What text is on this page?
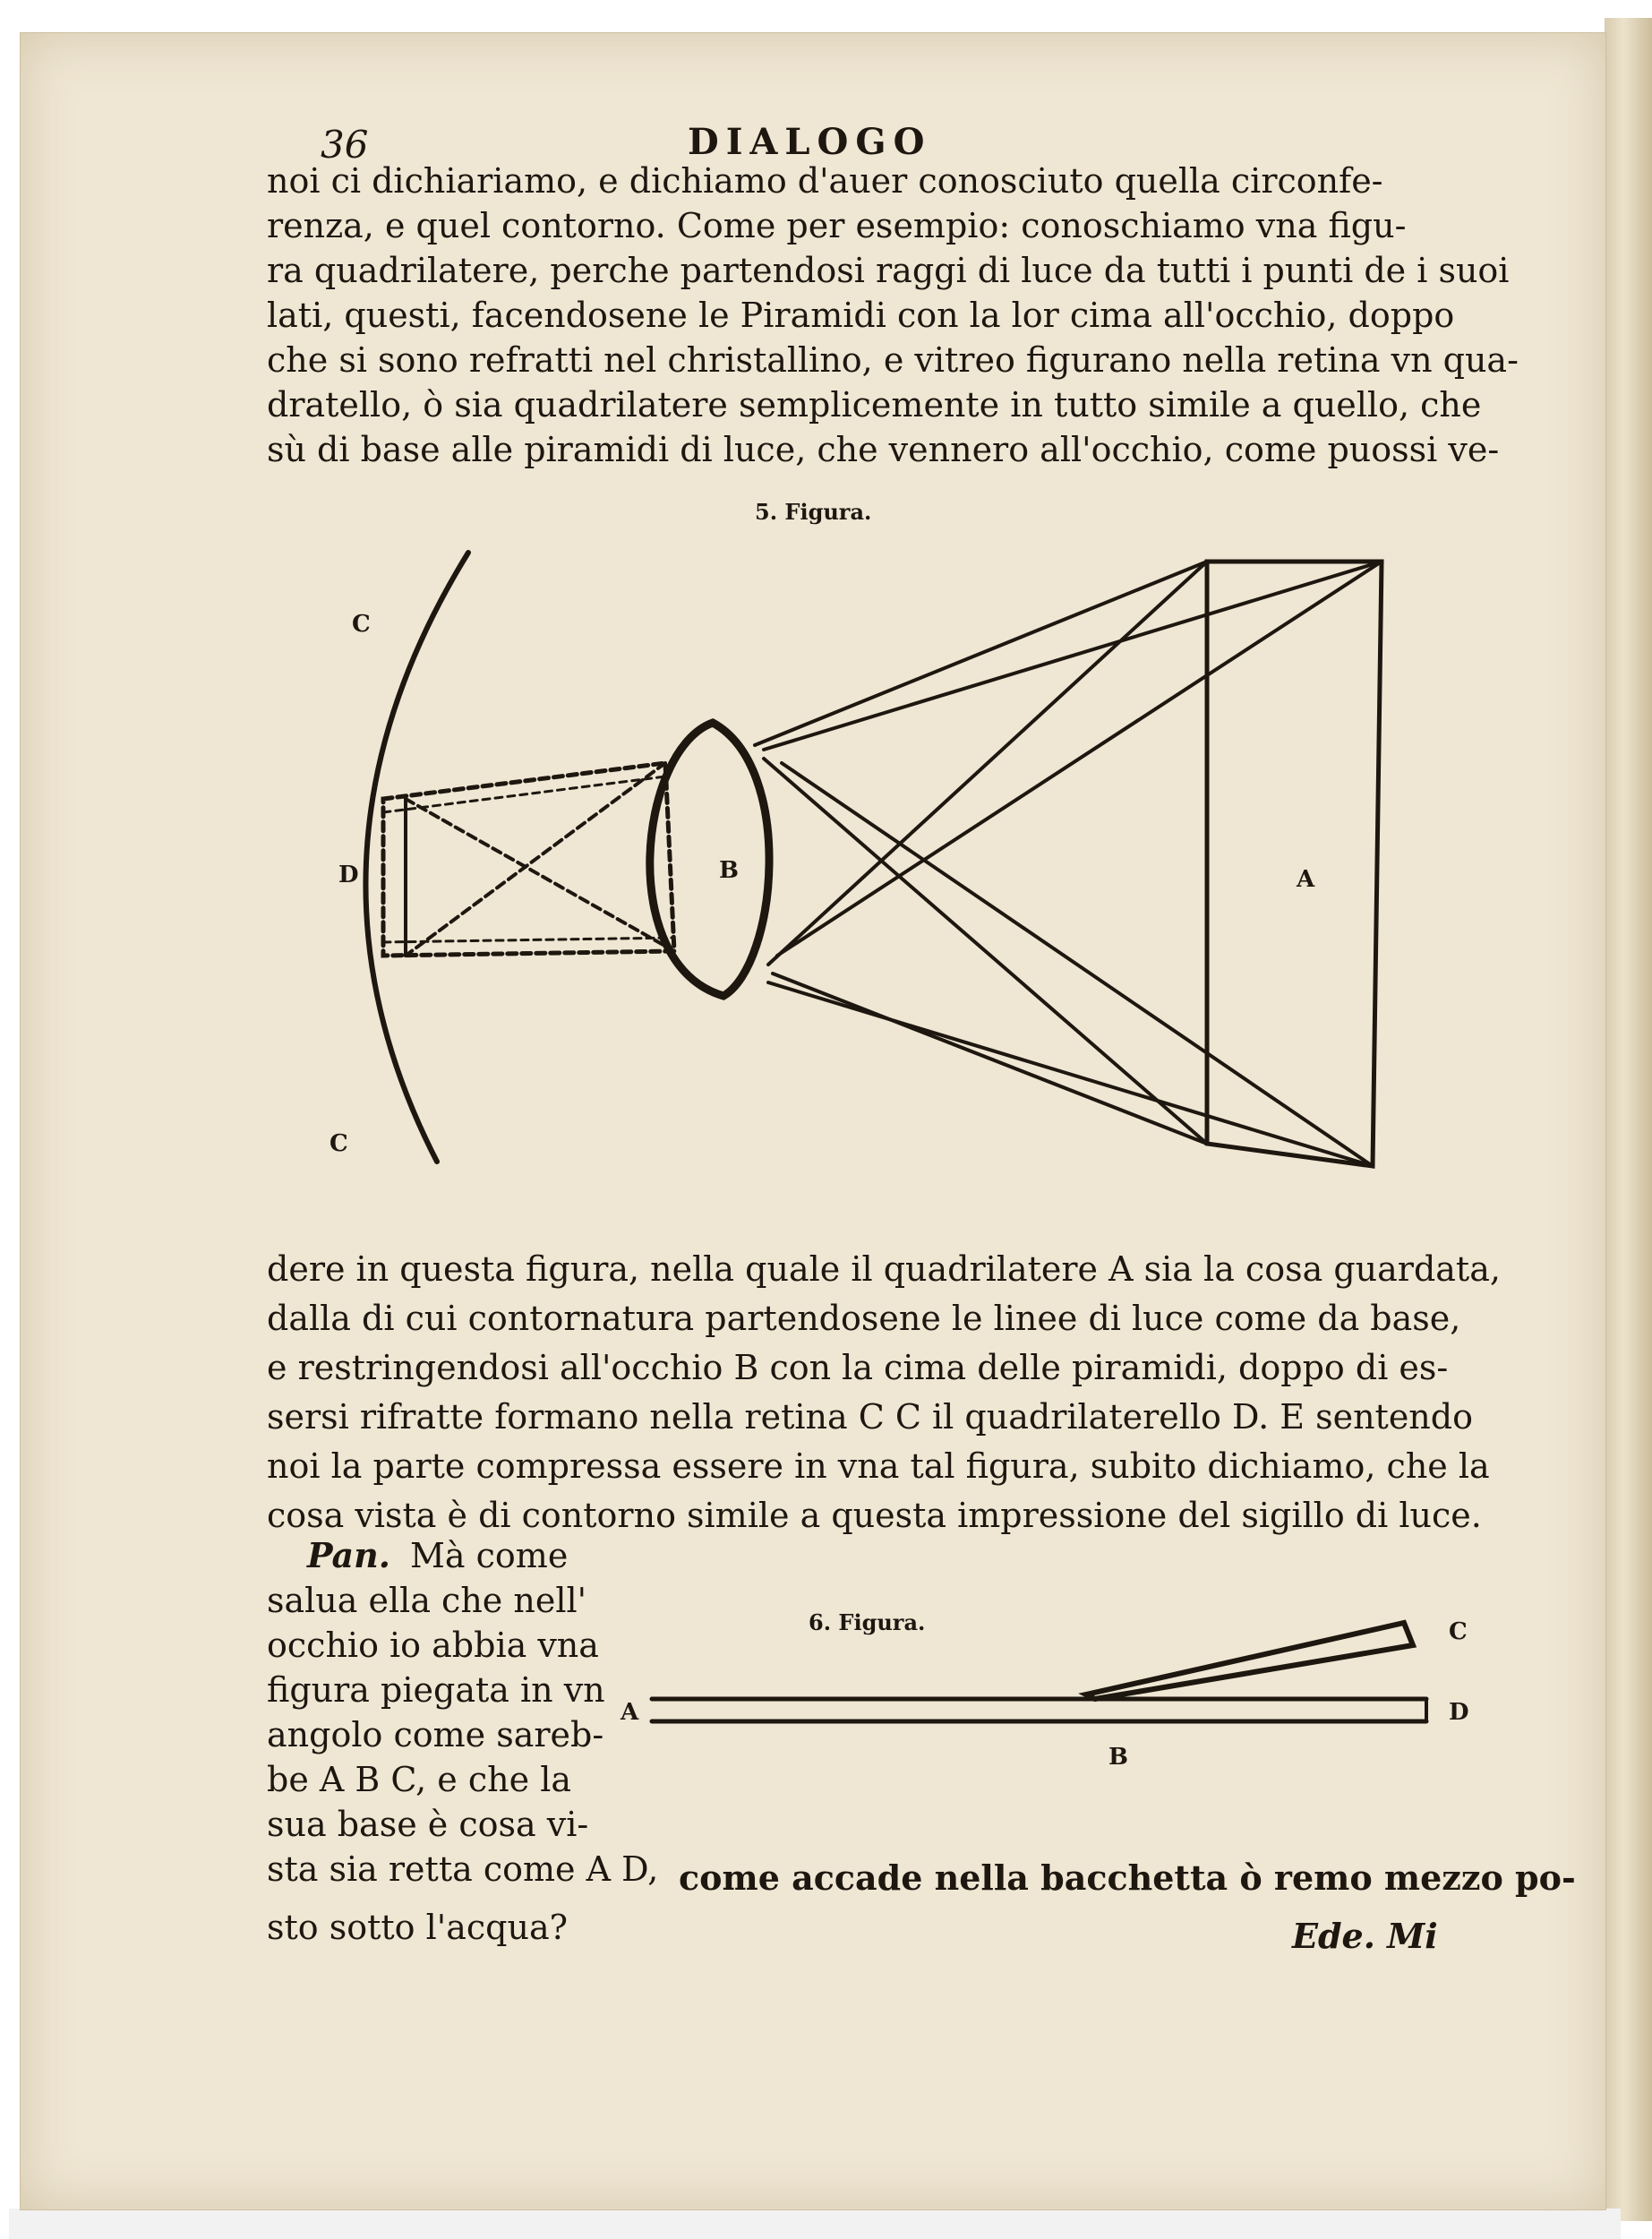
36	DIALOGO

noi ci dichiariamo, e dichiamo d'auer conosciuto quella circonfe-

renza, e quel contorno. Come per esempio: conoschiamo vna figu-

ra quadrilatere, perche partendosi raggi di luce da tutti i punti de i suoi

lati, questi, facendosene le Piramidi con la lor cima all'occhio, doppo

che si sono refratti nel christallino, e vitreo figurano nella retina vn qua-

dratello, ò sia quadrilatere semplicemente in tutto simile a quello, che

sù di base alle piramidi di luce, che vennero all'occhio, come puossi ve-

5. Figura.

C

C

D	B	A

dere in questa figura, nella quale il quadrilatere A sia la cosa guardata,

dalla di cui contornatura partendosene le linee di luce come da base,

e restringendosi all'occhio B con la cima delle piramidi, doppo di es-

sersi rifratte formano nella retina C C il quadrilaterello D. E sentendo

noi la parte compressa essere in vna tal figura, subito dichiamo, che la

cosa vista è di contorno simile a questa impressione del sigillo di luce.

Pan. Mà come

salua ella che nell'

occhio io abbia vna

figura piegata in vn

angolo come sareb-

be A B C, e che la

sua base è cosa vi-

sta sia retta come A D, come accade nella bacchetta ò remo mezzo po-

sto sotto l'acqua?	Ede. Mi

6. Figura.

A

B

C

D
